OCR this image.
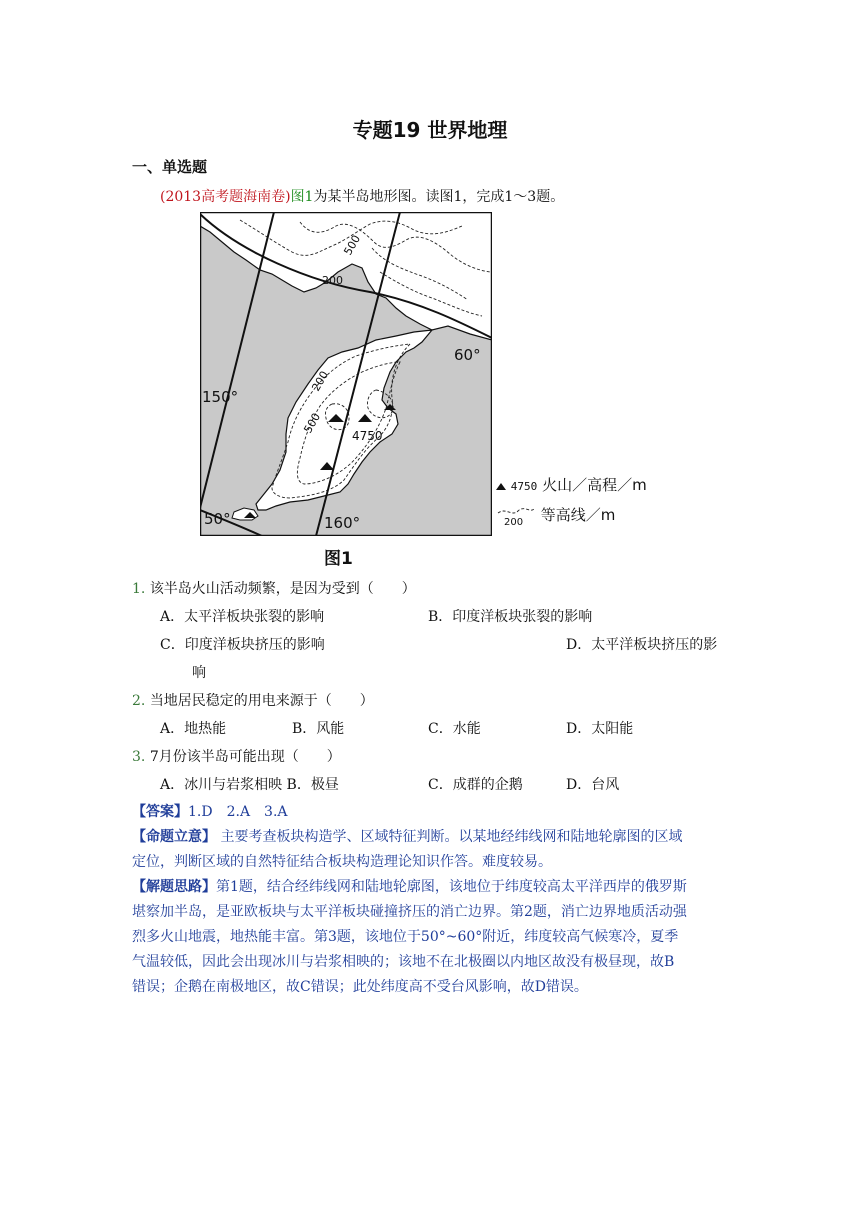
专题19 世界地理
一、单选题
(2013高考题海南卷)图1为某半岛地形图。读图1，完成1～3题。
500
200
60°
150°
200
500
4750
50°	160°
4750 火山／高程／m
200 等高线／m
图1
1. 该半岛火山活动频繁，是因为受到（　　）
A．太平洋板块张裂的影响	B．印度洋板块张裂的影响
C．印度洋板块挤压的影响	D．太平洋板块挤压的影
响
2. 当地居民稳定的用电来源于（　　）
A．地热能	B．风能	C．水能	D．太阳能
3. 7月份该半岛可能出现（　　）
A．冰川与岩浆相映 B．极昼	C．成群的企鹅	D．台风
【答案】1.D　2.A　3.A
【命题立意】 主要考查板块构造学、区域特征判断。以某地经纬线网和陆地轮廓图的区域
定位，判断区域的自然特征结合板块构造理论知识作答。难度较易。
【解题思路】第1题，结合经纬线网和陆地轮廓图，该地位于纬度较高太平洋西岸的俄罗斯
堪察加半岛，是亚欧板块与太平洋板块碰撞挤压的消亡边界。第2题，消亡边界地质活动强
烈多火山地震，地热能丰富。第3题，该地位于50°~60°附近，纬度较高气候寒冷，夏季
气温较低，因此会出现冰川与岩浆相映的；该地不在北极圈以内地区故没有极昼现，故B
错误；企鹅在南极地区，故C错误；此处纬度高不受台风影响，故D错误。
